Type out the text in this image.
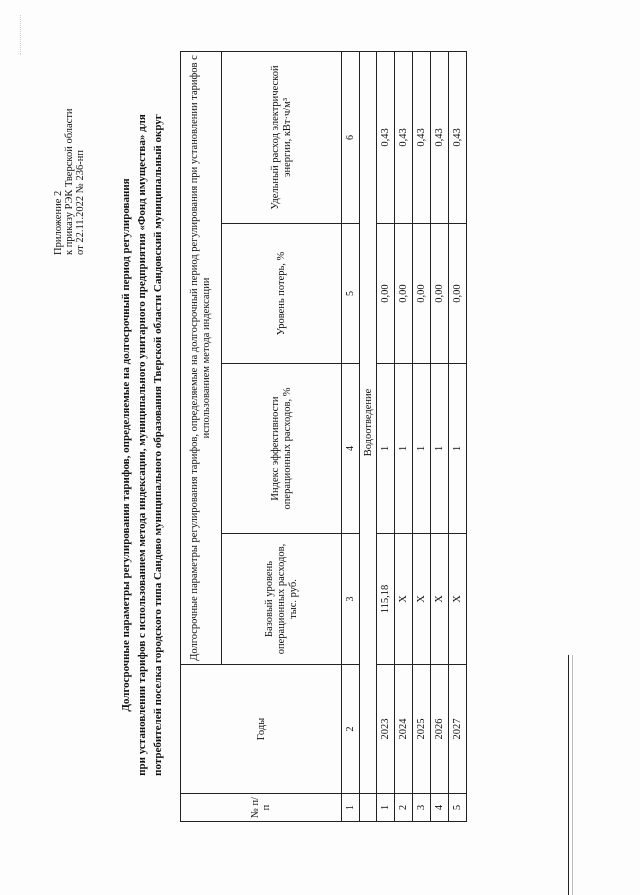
Приложение 2 к приказу РЭК Тверской области от 22.11.2022 № 236-нп	Долгосрочные параметры регулирования тарифов, определяемые на долгосрочный период регулирования при установлении тарифов с использованием метода индексации, муниципального унитарного предприятия «Фонд имущества» для потребителей поселка городского типа Сандово муниципального образования Тверской области Сандовский муниципальный округ
№ п/п	Годы	Долгосрочные параметры регулирования тарифов, определяемые на долгосрочный период регулирования при установлении тарифов с использованием метода индексации			
		Базовый уровень операционных расходов, тыс. руб.	Индекс эффективности операционных расходов, %	Уровень потерь, %	Удельный расход электрической энергии, кВт·ч/м³
1	2	3	4	5	6
	Водоотведение				
1	2023	115,18	1	0,00	0,43
2	2024	X	1	0,00	0,43
3	2025	X	1	0,00	0,43
4	2026	X	1	0,00	0,43
5	2027	X	1	0,00	0,43
